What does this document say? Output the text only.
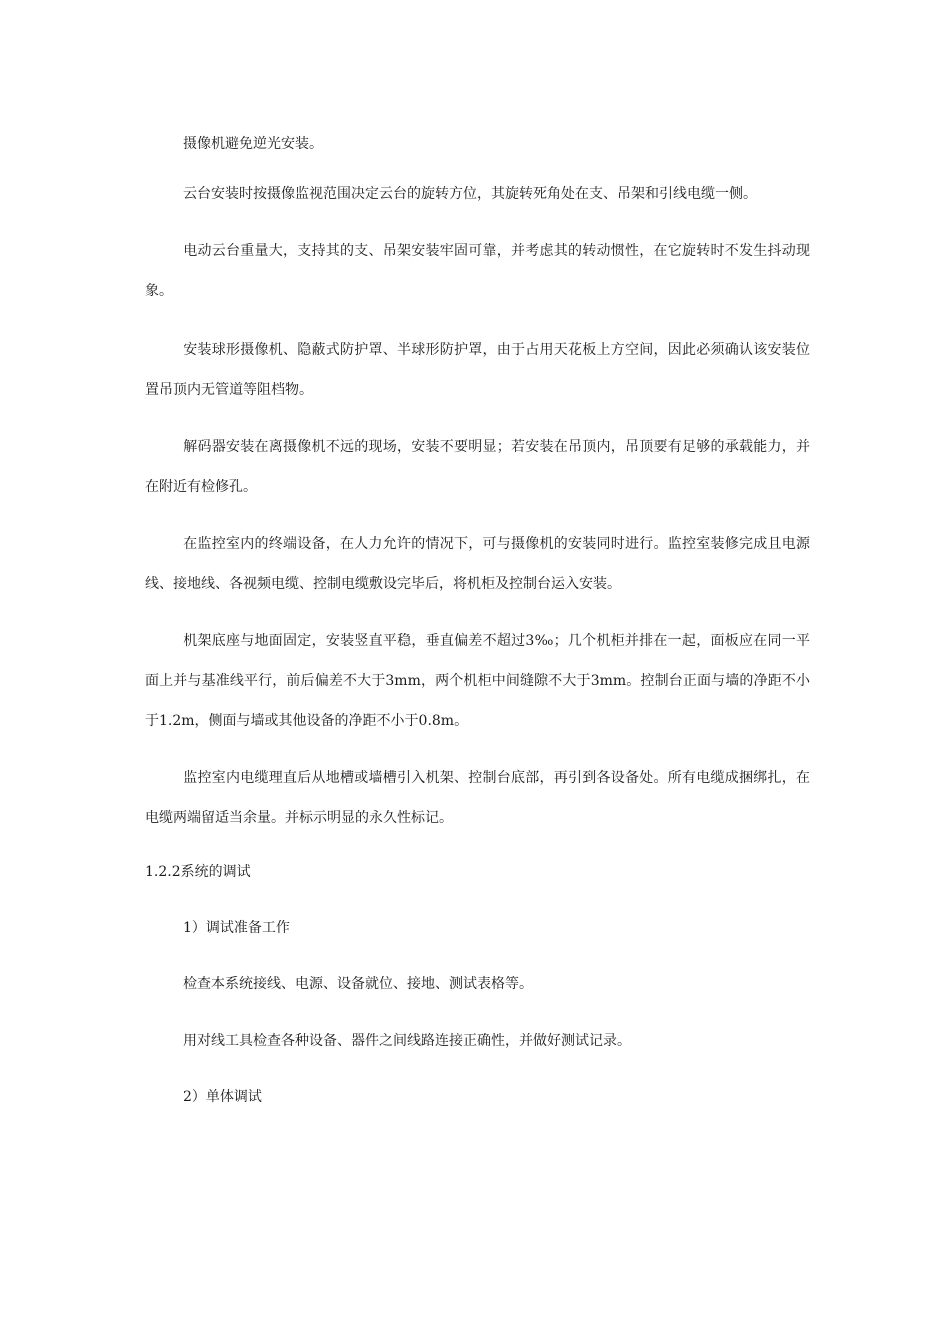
摄像机避免逆光安装。

云台安装时按摄像监视范围决定云台的旋转方位，其旋转死角处在支、吊架和引线电缆一侧。

电动云台重量大，支持其的支、吊架安装牢固可靠，并考虑其的转动惯性，在它旋转时不发生抖动现象。

安装球形摄像机、隐蔽式防护罩、半球形防护罩，由于占用天花板上方空间，因此必须确认该安装位置吊顶内无管道等阻档物。

解码器安装在离摄像机不远的现场，安装不要明显；若安装在吊顶内，吊顶要有足够的承载能力，并在附近有检修孔。

在监控室内的终端设备，在人力允许的情况下，可与摄像机的安装同时进行。监控室装修完成且电源线、接地线、各视频电缆、控制电缆敷设完毕后，将机柜及控制台运入安装。

机架底座与地面固定，安装竖直平稳，垂直偏差不超过3‰；几个机柜并排在一起，面板应在同一平面上并与基准线平行，前后偏差不大于3mm，两个机柜中间缝隙不大于3mm。控制台正面与墙的净距不小于1.2m，侧面与墙或其他设备的净距不小于0.8m。

监控室内电缆理直后从地槽或墙槽引入机架、控制台底部，再引到各设备处。所有电缆成捆绑扎，在电缆两端留适当余量。并标示明显的永久性标记。

1.2.2系统的调试

1）调试准备工作

检查本系统接线、电源、设备就位、接地、测试表格等。

用对线工具检查各种设备、器件之间线路连接正确性，并做好测试记录。

2）单体调试
